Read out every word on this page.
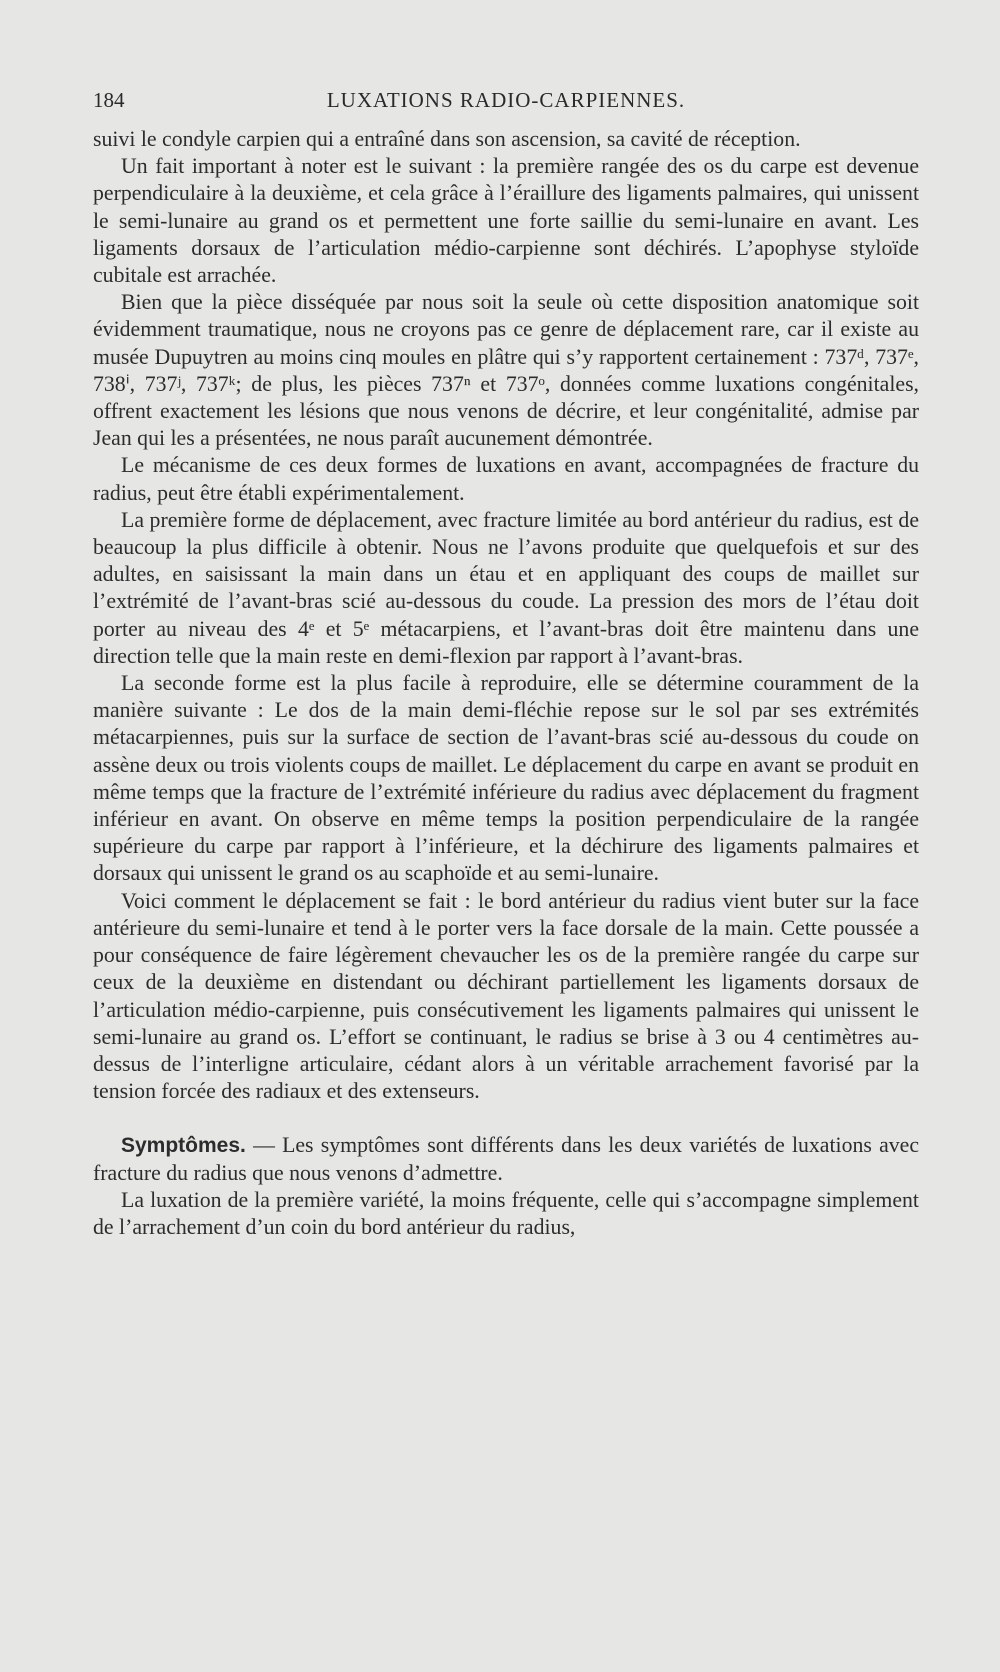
184	LUXATIONS RADIO-CARPIENNES.

suivi le condyle carpien qui a entraîné dans son ascension, sa cavité de réception.

Un fait important à noter est le suivant : la première rangée des os du carpe est devenue perpendiculaire à la deuxième, et cela grâce à l’éraillure des ligaments palmaires, qui unissent le semi-lunaire au grand os et permettent une forte saillie du semi-lunaire en avant. Les ligaments dorsaux de l’articulation médio-carpienne sont déchirés. L’apophyse styloïde cubitale est arrachée.

Bien que la pièce disséquée par nous soit la seule où cette disposition anatomique soit évidemment traumatique, nous ne croyons pas ce genre de déplacement rare, car il existe au musée Dupuytren au moins cinq moules en plâtre qui s’y rapportent certainement : 737ᵈ, 737ᵉ, 738ⁱ, 737ʲ, 737ᵏ; de plus, les pièces 737ⁿ et 737ᵒ, données comme luxations congénitales, offrent exactement les lésions que nous venons de décrire, et leur congénitalité, admise par Jean qui les a présentées, ne nous paraît aucunement démontrée.

Le mécanisme de ces deux formes de luxations en avant, accompagnées de fracture du radius, peut être établi expérimentalement.

La première forme de déplacement, avec fracture limitée au bord antérieur du radius, est de beaucoup la plus difficile à obtenir. Nous ne l’avons produite que quelquefois et sur des adultes, en saisissant la main dans un étau et en appliquant des coups de maillet sur l’extrémité de l’avant-bras scié au-dessous du coude. La pression des mors de l’étau doit porter au niveau des 4ᵉ et 5ᵉ métacarpiens, et l’avant-bras doit être maintenu dans une direction telle que la main reste en demi-flexion par rapport à l’avant-bras.

La seconde forme est la plus facile à reproduire, elle se détermine couramment de la manière suivante : Le dos de la main demi-fléchie repose sur le sol par ses extrémités métacarpiennes, puis sur la surface de section de l’avant-bras scié au-dessous du coude on assène deux ou trois violents coups de maillet. Le déplacement du carpe en avant se produit en même temps que la fracture de l’extrémité inférieure du radius avec déplacement du fragment inférieur en avant. On observe en même temps la position perpendiculaire de la rangée supérieure du carpe par rapport à l’inférieure, et la déchirure des ligaments palmaires et dorsaux qui unissent le grand os au scaphoïde et au semi-lunaire.

Voici comment le déplacement se fait : le bord antérieur du radius vient buter sur la face antérieure du semi-lunaire et tend à le porter vers la face dorsale de la main. Cette poussée a pour conséquence de faire légèrement chevaucher les os de la première rangée du carpe sur ceux de la deuxième en distendant ou déchirant partiellement les ligaments dorsaux de l’articulation médio-carpienne, puis consécutivement les ligaments palmaires qui unissent le semi-lunaire au grand os. L’effort se continuant, le radius se brise à 3 ou 4 centimètres au-dessus de l’interligne articulaire, cédant alors à un véritable arrachement favorisé par la tension forcée des radiaux et des extenseurs.

Symptômes. — Les symptômes sont différents dans les deux variétés de luxations avec fracture du radius que nous venons d’admettre.

La luxation de la première variété, la moins fréquente, celle qui s’accompagne simplement de l’arrachement d’un coin du bord antérieur du radius,
